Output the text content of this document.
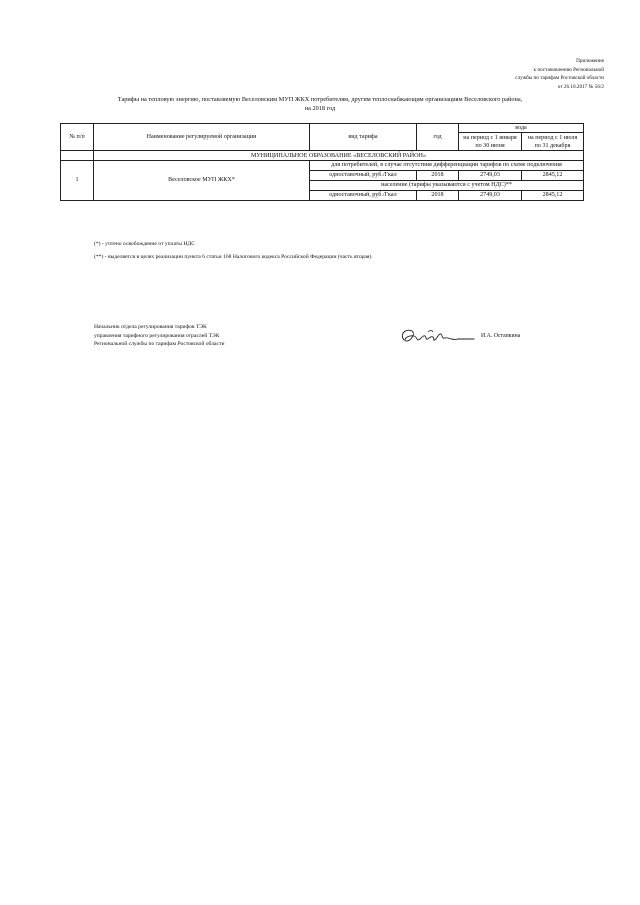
Приложение
к постановлению Региональной
службы по тарифам Ростовской области
от 26.10.2017 № 56/2
Тарифы на тепловую энергию, поставляемую Веселовским МУП ЖКХ потребителям, другим теплоснабжающим организациям Веселовского района,
на 2018 год
№ п/п	Наименование регулируемой организации	вид тарифа	год	вода	
				на период с 1 января по 30 июня	на период с 1 июля по 31 декабря
	МУНИЦИПАЛЬНОЕ ОБРАЗОВАНИЕ «ВЕСЕЛОВСКИЙ РАЙОН»				
1	Веселовское МУП ЖКХ*	для потребителей, в случае отсутствия дифференциации тарифов по схеме подключения			
		одноставочный, руб./Гкал	2018	2749,03	2845,12
		население (тарифы указываются с учетом НДС)**			
		одноставочный, руб./Гкал	2018	2749,03	2845,12
(*) - учтено освобождение от уплаты НДС
(**) - выделяется в целях реализации пункта 6 статьи 168 Налогового кодекса Российской Федерации (часть вторая).
Начальник отдела регулирования тарифов ТЭК
управления тарифного регулирования отраслей ТЭК
Региональной службы по тарифам Ростовской области
И.А. Остапкина
